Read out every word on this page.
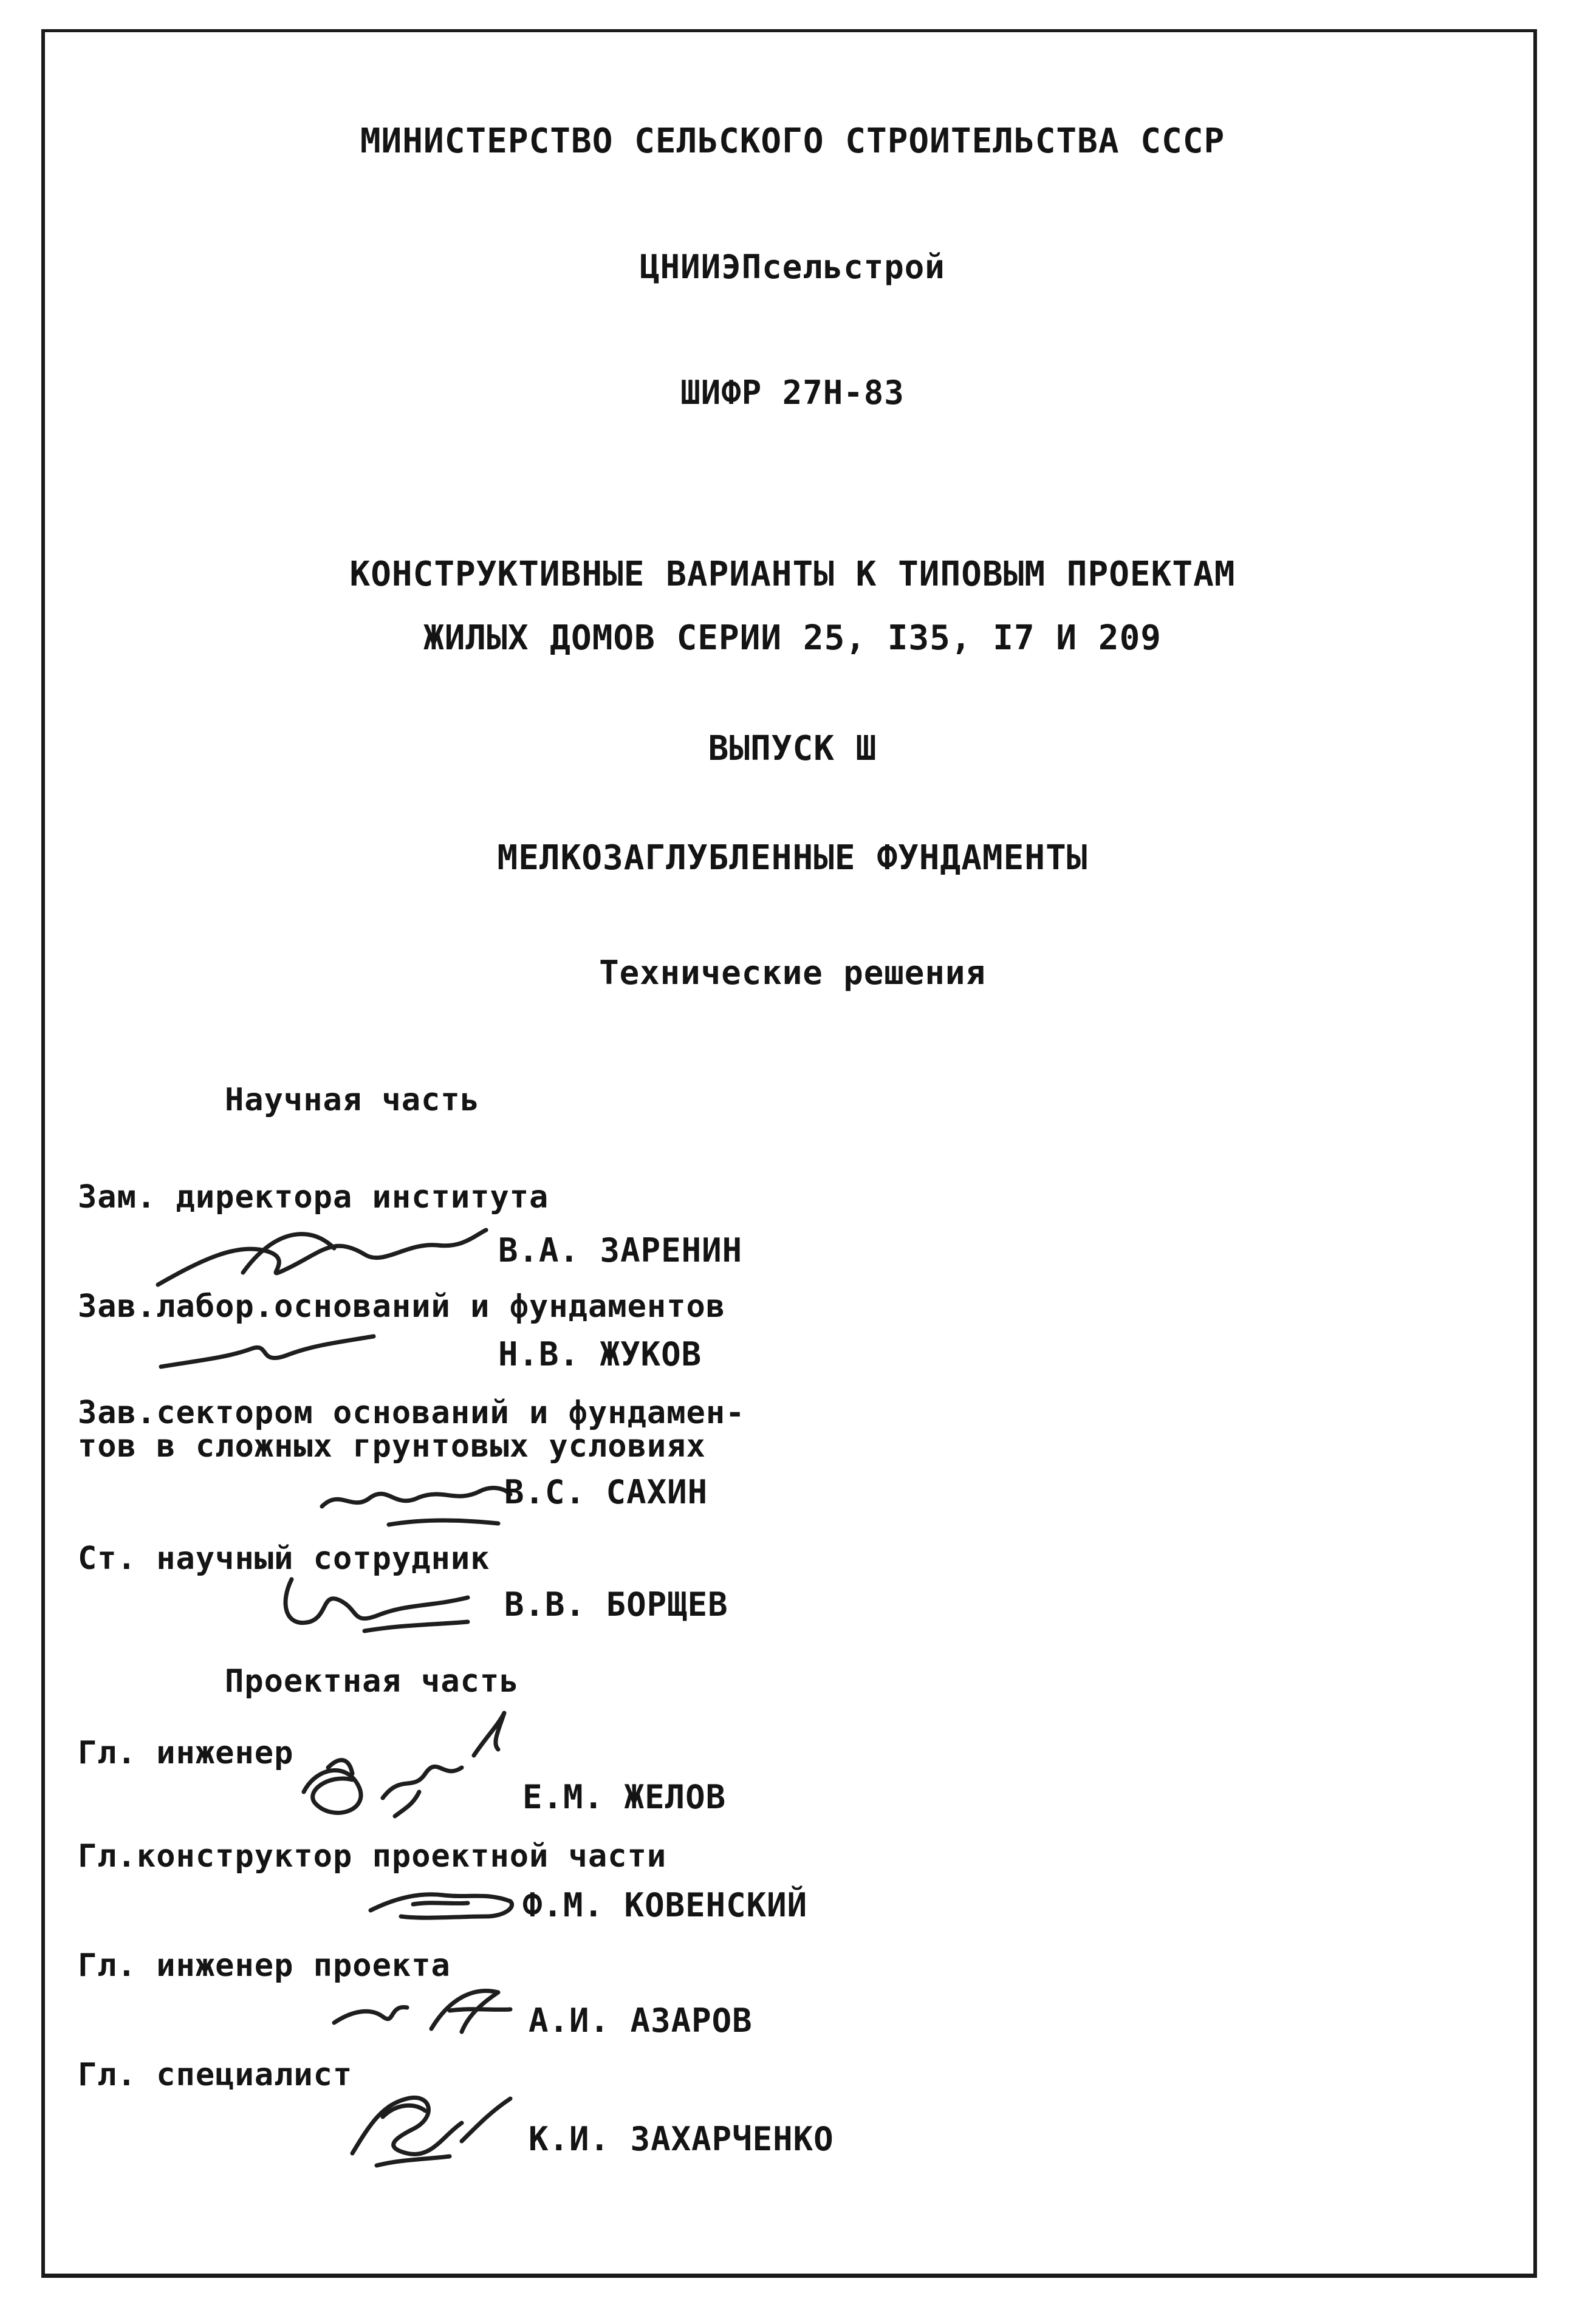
МИНИСТЕРСТВО СЕЛЬСКОГО СТРОИТЕЛЬСТВА СССР
ЦНИИЭПсельстрой
ШИФР 27Н-83
КОНСТРУКТИВНЫЕ ВАРИАНТЫ К ТИПОВЫМ ПРОЕКТАМ
ЖИЛЫХ ДОМОВ СЕРИИ 25, I35, I7 И 209
ВЫПУСК Ш
МЕЛКОЗАГЛУБЛЕННЫЕ ФУНДАМЕНТЫ
Технические решения
Научная часть
Зам. директора института
В.А. ЗАРЕНИН
Зав.лабор.оснований и фундаментов
Н.В. ЖУКОВ
Зав.сектором оснований и фундамен-
тов в сложных грунтовых условиях
В.С. САХИН
Ст. научный сотрудник
В.В. БОРЩЕВ
Проектная часть
Гл. инженер
Е.М. ЖЕЛОВ
Гл.конструктор проектной части
Ф.М. КОВЕНСКИЙ
Гл. инженер проекта
А.И. АЗАРОВ
Гл. специалист
К.И. ЗАХАРЧЕНКО
